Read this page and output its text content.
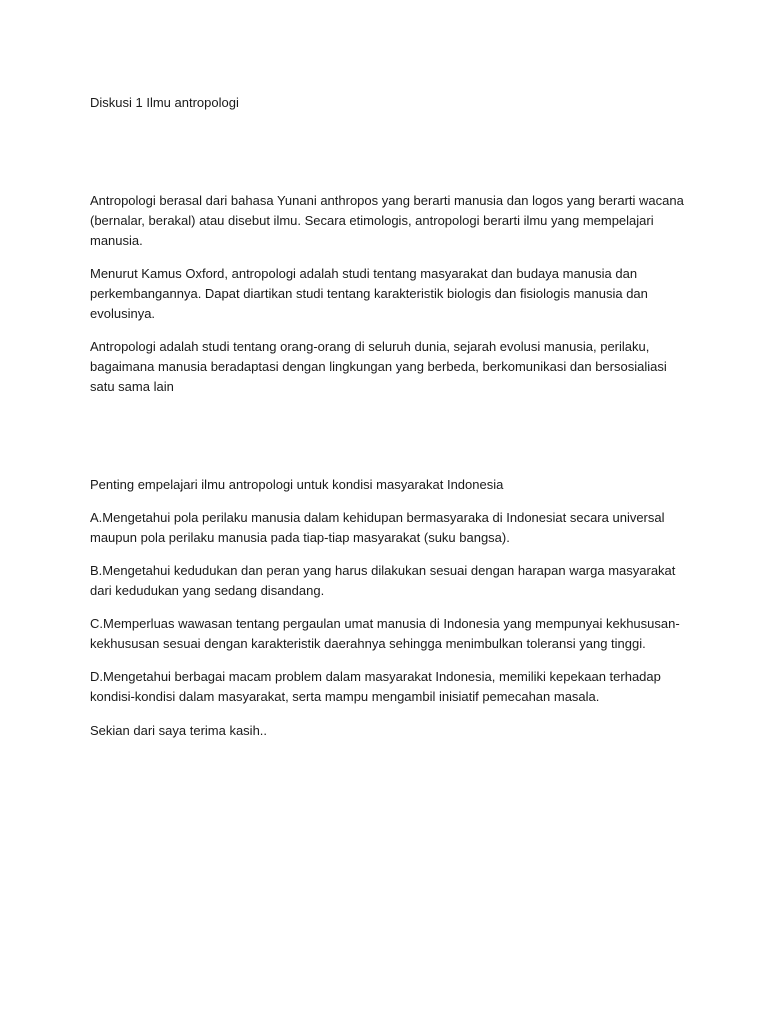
Diskusi 1 Ilmu antropologi

Antropologi berasal dari bahasa Yunani anthropos yang berarti manusia dan logos yang berarti wacana (bernalar, berakal) atau disebut ilmu. Secara etimologis, antropologi berarti ilmu yang mempelajari manusia.

Menurut Kamus Oxford, antropologi adalah studi tentang masyarakat dan budaya manusia dan perkembangannya. Dapat diartikan studi tentang karakteristik biologis dan fisiologis manusia dan evolusinya.

Antropologi adalah studi tentang orang-orang di seluruh dunia, sejarah evolusi manusia, perilaku, bagaimana manusia beradaptasi dengan lingkungan yang berbeda, berkomunikasi dan bersosialiasi satu sama lain

Penting empelajari ilmu antropologi untuk kondisi masyarakat Indonesia

A.Mengetahui pola perilaku manusia dalam kehidupan bermasyaraka di Indonesiat secara universal maupun pola perilaku manusia pada tiap-tiap masyarakat (suku bangsa).

B.Mengetahui kedudukan dan peran yang harus dilakukan sesuai dengan harapan warga masyarakat dari kedudukan yang sedang disandang.

C.Memperluas wawasan tentang pergaulan umat manusia di Indonesia yang mempunyai kekhususan-kekhususan sesuai dengan karakteristik daerahnya sehingga menimbulkan toleransi yang tinggi.

D.Mengetahui berbagai macam problem dalam masyarakat Indonesia, memiliki kepekaan terhadap kondisi-kondisi dalam masyarakat, serta mampu mengambil inisiatif pemecahan masala.

Sekian dari saya terima kasih..
